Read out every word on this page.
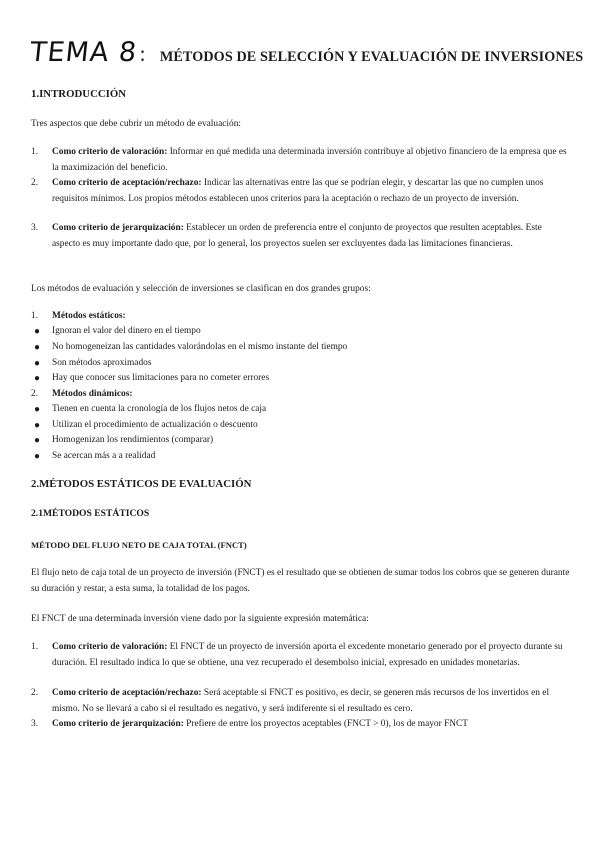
TEMA 8 : MÉTODOS DE SELECCIÓN Y EVALUACIÓN DE INVERSIONES
1.INTRODUCCIÓN
Tres aspectos que debe cubrir un método de evaluación:
1. Como criterio de valoración: Informar en qué medida una determinada inversión contribuye al objetivo financiero de la empresa que es la maximización del beneficio.
2. Como criterio de aceptación/rechazo: Indicar las alternativas entre las que se podrían elegir, y descartar las que no cumplen unos requisitos mínimos. Los propios métodos establecen unos criterios para la aceptación o rechazo de un proyecto de inversión.
3. Como criterio de jerarquización: Establecer un orden de preferencia entre el conjunto de proyectos que resulten aceptables. Este aspecto es muy importante dado que, por lo general, los proyectos suelen ser excluyentes dada las limitaciones financieras.
Los métodos de evaluación y selección de inversiones se clasifican en dos grandes grupos:
1. Métodos estáticos:
● Ignoran el valor del dinero en el tiempo
● No homogeneizan las cantidades valorándolas en el mismo instante del tiempo
● Son métodos aproximados
● Hay que conocer sus limitaciones para no cometer errores
2. Métodos dinámicos:
● Tienen en cuenta la cronología de los flujos netos de caja
● Utilizan el procedimiento de actualización o descuento
● Homogenizan los rendimientos (comparar)
● Se acercan más a a realidad
2.MÉTODOS ESTÁTICOS DE EVALUACIÓN
2.1MÉTODOS ESTÁTICOS
MÉTODO DEL FLUJO NETO DE CAJA TOTAL (FNCT)
El flujo neto de caja total de un proyecto de inversión (FNCT) es el resultado que se obtienen de sumar todos los cobros que se generen durante su duración y restar, a esta suma, la totalidad de los pagos.
El FNCT de una determinada inversión viene dado por la siguiente expresión matemática:
1. Como criterio de valoración: El FNCT de un proyecto de inversión aporta el excedente monetario generado por el proyecto durante su duración. El resultado indica lo que se obtiene, una vez recuperado el desembolso inicial, expresado en unidades monetarias.
2. Como criterio de aceptación/rechazo: Será aceptable si FNCT es positivo, es decir, se generen más recursos de los invertidos en el mismo. No se llevará a cabo si el resultado es negativo, y será indiferente si el resultado es cero.
3. Como criterio de jerarquización: Prefiere de entre los proyectos aceptables (FNCT > 0), los de mayor FNCT
